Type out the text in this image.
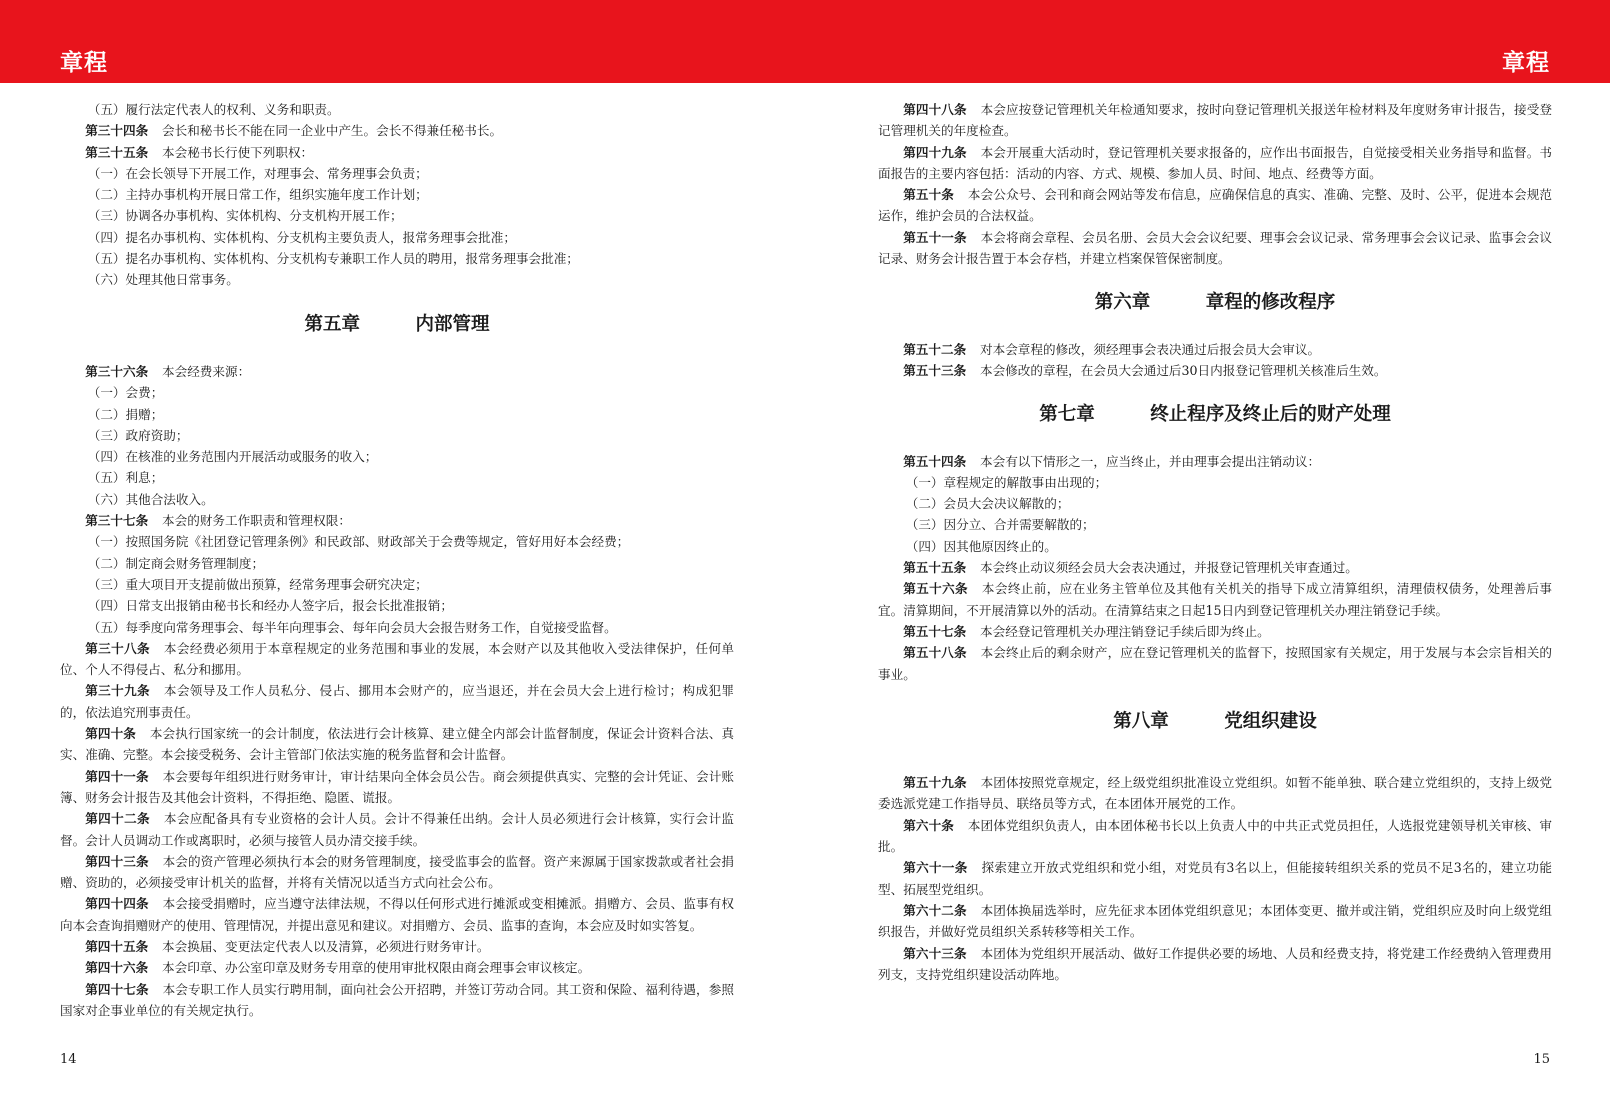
章程	章程

（五）履行法定代表人的权利、义务和职责。

第三十四条 会长和秘书长不能在同一企业中产生。会长不得兼任秘书长。

第三十五条 本会秘书长行使下列职权：

（一）在会长领导下开展工作，对理事会、常务理事会负责；

（二）主持办事机构开展日常工作，组织实施年度工作计划；

（三）协调各办事机构、实体机构、分支机构开展工作；

（四）提名办事机构、实体机构、分支机构主要负责人，报常务理事会批准；

（五）提名办事机构、实体机构、分支机构专兼职工作人员的聘用，报常务理事会批准；

（六）处理其他日常事务。

第五章	内部管理

第三十六条 本会经费来源：

（一）会费；

（二）捐赠；

（三）政府资助；

（四）在核准的业务范围内开展活动或服务的收入；

（五）利息；

（六）其他合法收入。

第三十七条 本会的财务工作职责和管理权限：

（一）按照国务院《社团登记管理条例》和民政部、财政部关于会费等规定，管好用好本会经费；

（二）制定商会财务管理制度；

（三）重大项目开支提前做出预算，经常务理事会研究决定；

（四）日常支出报销由秘书长和经办人签字后，报会长批准报销；

（五）每季度向常务理事会、每半年向理事会、每年向会员大会报告财务工作，自觉接受监督。

第三十八条 本会经费必须用于本章程规定的业务范围和事业的发展，本会财产以及其他收入受法律保护，任何单位、个人不得侵占、私分和挪用。

第三十九条 本会领导及工作人员私分、侵占、挪用本会财产的，应当退还，并在会员大会上进行检讨；构成犯罪的，依法追究刑事责任。

第四十条 本会执行国家统一的会计制度，依法进行会计核算、建立健全内部会计监督制度，保证会计资料合法、真实、准确、完整。本会接受税务、会计主管部门依法实施的税务监督和会计监督。

第四十一条 本会要每年组织进行财务审计，审计结果向全体会员公告。商会须提供真实、完整的会计凭证、会计账簿、财务会计报告及其他会计资料，不得拒绝、隐匿、谎报。

第四十二条 本会应配备具有专业资格的会计人员。会计不得兼任出纳。会计人员必须进行会计核算，实行会计监督。会计人员调动工作或离职时，必须与接管人员办清交接手续。

第四十三条 本会的资产管理必须执行本会的财务管理制度，接受监事会的监督。资产来源属于国家拨款或者社会捐赠、资助的，必须接受审计机关的监督，并将有关情况以适当方式向社会公布。

第四十四条 本会接受捐赠时，应当遵守法律法规，不得以任何形式进行摊派或变相摊派。捐赠方、会员、监事有权向本会查询捐赠财产的使用、管理情况，并提出意见和建议。对捐赠方、会员、监事的查询，本会应及时如实答复。

第四十五条 本会换届、变更法定代表人以及清算，必须进行财务审计。

第四十六条 本会印章、办公室印章及财务专用章的使用审批权限由商会理事会审议核定。

第四十七条 本会专职工作人员实行聘用制，面向社会公开招聘，并签订劳动合同。其工资和保险、福利待遇，参照国家对企事业单位的有关规定执行。

第四十八条 本会应按登记管理机关年检通知要求，按时向登记管理机关报送年检材料及年度财务审计报告，接受登记管理机关的年度检查。

第四十九条 本会开展重大活动时，登记管理机关要求报备的，应作出书面报告，自觉接受相关业务指导和监督。书面报告的主要内容包括：活动的内容、方式、规模、参加人员、时间、地点、经费等方面。

第五十条 本会公众号、会刊和商会网站等发布信息，应确保信息的真实、准确、完整、及时、公平，促进本会规范运作，维护会员的合法权益。

第五十一条 本会将商会章程、会员名册、会员大会会议纪要、理事会会议记录、常务理事会会议记录、监事会会议记录、财务会计报告置于本会存档，并建立档案保管保密制度。

第六章	章程的修改程序

第五十二条 对本会章程的修改，须经理事会表决通过后报会员大会审议。

第五十三条 本会修改的章程，在会员大会通过后30日内报登记管理机关核准后生效。

第七章	终止程序及终止后的财产处理

第五十四条 本会有以下情形之一，应当终止，并由理事会提出注销动议：

（一）章程规定的解散事由出现的；

（二）会员大会决议解散的；

（三）因分立、合并需要解散的；

（四）因其他原因终止的。

第五十五条 本会终止动议须经会员大会表决通过，并报登记管理机关审查通过。

第五十六条 本会终止前，应在业务主管单位及其他有关机关的指导下成立清算组织，清理债权债务，处理善后事宜。清算期间，不开展清算以外的活动。在清算结束之日起15日内到登记管理机关办理注销登记手续。

第五十七条 本会经登记管理机关办理注销登记手续后即为终止。

第五十八条 本会终止后的剩余财产，应在登记管理机关的监督下，按照国家有关规定，用于发展与本会宗旨相关的事业。

第八章	党组织建设

第五十九条 本团体按照党章规定，经上级党组织批准设立党组织。如暂不能单独、联合建立党组织的，支持上级党委选派党建工作指导员、联络员等方式，在本团体开展党的工作。

第六十条 本团体党组织负责人，由本团体秘书长以上负责人中的中共正式党员担任，人选报党建领导机关审核、审批。

第六十一条 探索建立开放式党组织和党小组，对党员有3名以上，但能接转组织关系的党员不足3名的，建立功能型、拓展型党组织。

第六十二条 本团体换届选举时，应先征求本团体党组织意见；本团体变更、撤并或注销，党组织应及时向上级党组织报告，并做好党员组织关系转移等相关工作。

第六十三条 本团体为党组织开展活动、做好工作提供必要的场地、人员和经费支持，将党建工作经费纳入管理费用列支，支持党组织建设活动阵地。

14	15
